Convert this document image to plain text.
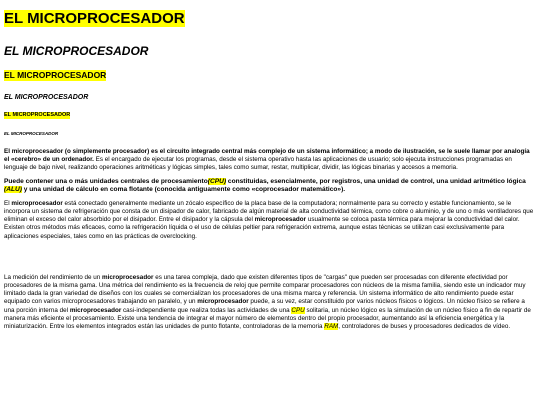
EL MICROPROCESADOR
EL MICROPROCESADOR
EL MICROPROCESADOR
EL MICROPROCESADOR
EL MICROPROCESADOR
EL MICROPROCESADOR

El microprocesador (o simplemente procesador) es el circuito integrado central más complejo de un sistema informático; a modo de ilustración, se le suele llamar por analogía el «cerebro» de un ordenador. Es el encargado de ejecutar los programas, desde el sistema operativo hasta las aplicaciones de usuario; solo ejecuta instrucciones programadas en lenguaje de bajo nivel, realizando operaciones aritméticas y lógicas simples, tales como sumar, restar, multiplicar, dividir, las lógicas binarias y accesos a memoria.

Puede contener una o más unidades centrales de procesamiento(CPU) constituidas, esencialmente, por registros, una unidad de control, una unidad aritmético lógica (ALU) y una unidad de cálculo en coma flotante (conocida antiguamente como «coprocesador matemático»).

El microprocesador está conectado generalmente mediante un zócalo específico de la placa base de la computadora; normalmente para su correcto y estable funcionamiento, se le incorpora un sistema de refrigeración que consta de un disipador de calor, fabricado de algún material de alta conductividad térmica, como cobre o aluminio, y de uno o más ventiladores que eliminan el exceso del calor absorbido por el disipador. Entre el disipador y la cápsula del microprocesador usualmente se coloca pasta térmica para mejorar la conductividad del calor. Existen otros métodos más eficaces, como la refrigeración líquida o el uso de células peltier para refrigeración extrema, aunque estas técnicas se utilizan casi exclusivamente para aplicaciones especiales, tales como en las prácticas de overclocking.

La medición del rendimiento de un microprocesador es una tarea compleja, dado que existen diferentes tipos de "cargas" que pueden ser procesadas con diferente efectividad por procesadores de la misma gama. Una métrica del rendimiento es la frecuencia de reloj que permite comparar procesadores con núcleos de la misma familia, siendo este un indicador muy limitado dada la gran variedad de diseños con los cuales se comercializan los procesadores de una misma marca y referencia. Un sistema informático de alto rendimiento puede estar equipado con varios microprocesadores trabajando en paralelo, y un microprocesador puede, a su vez, estar constituido por varios núcleos físicos o lógicos. Un núcleo físico se refiere a una porción interna del microprocesador casi-independiente que realiza todas las actividades de una CPU solitaria, un núcleo lógico es la simulación de un núcleo físico a fin de repartir de manera más eficiente el procesamiento. Existe una tendencia de integrar el mayor número de elementos dentro del propio procesador, aumentando así la eficiencia energética y la miniaturización. Entre los elementos integrados están las unidades de punto flotante, controladoras de la memoria RAM, controladores de buses y procesadores dedicados de vídeo.
